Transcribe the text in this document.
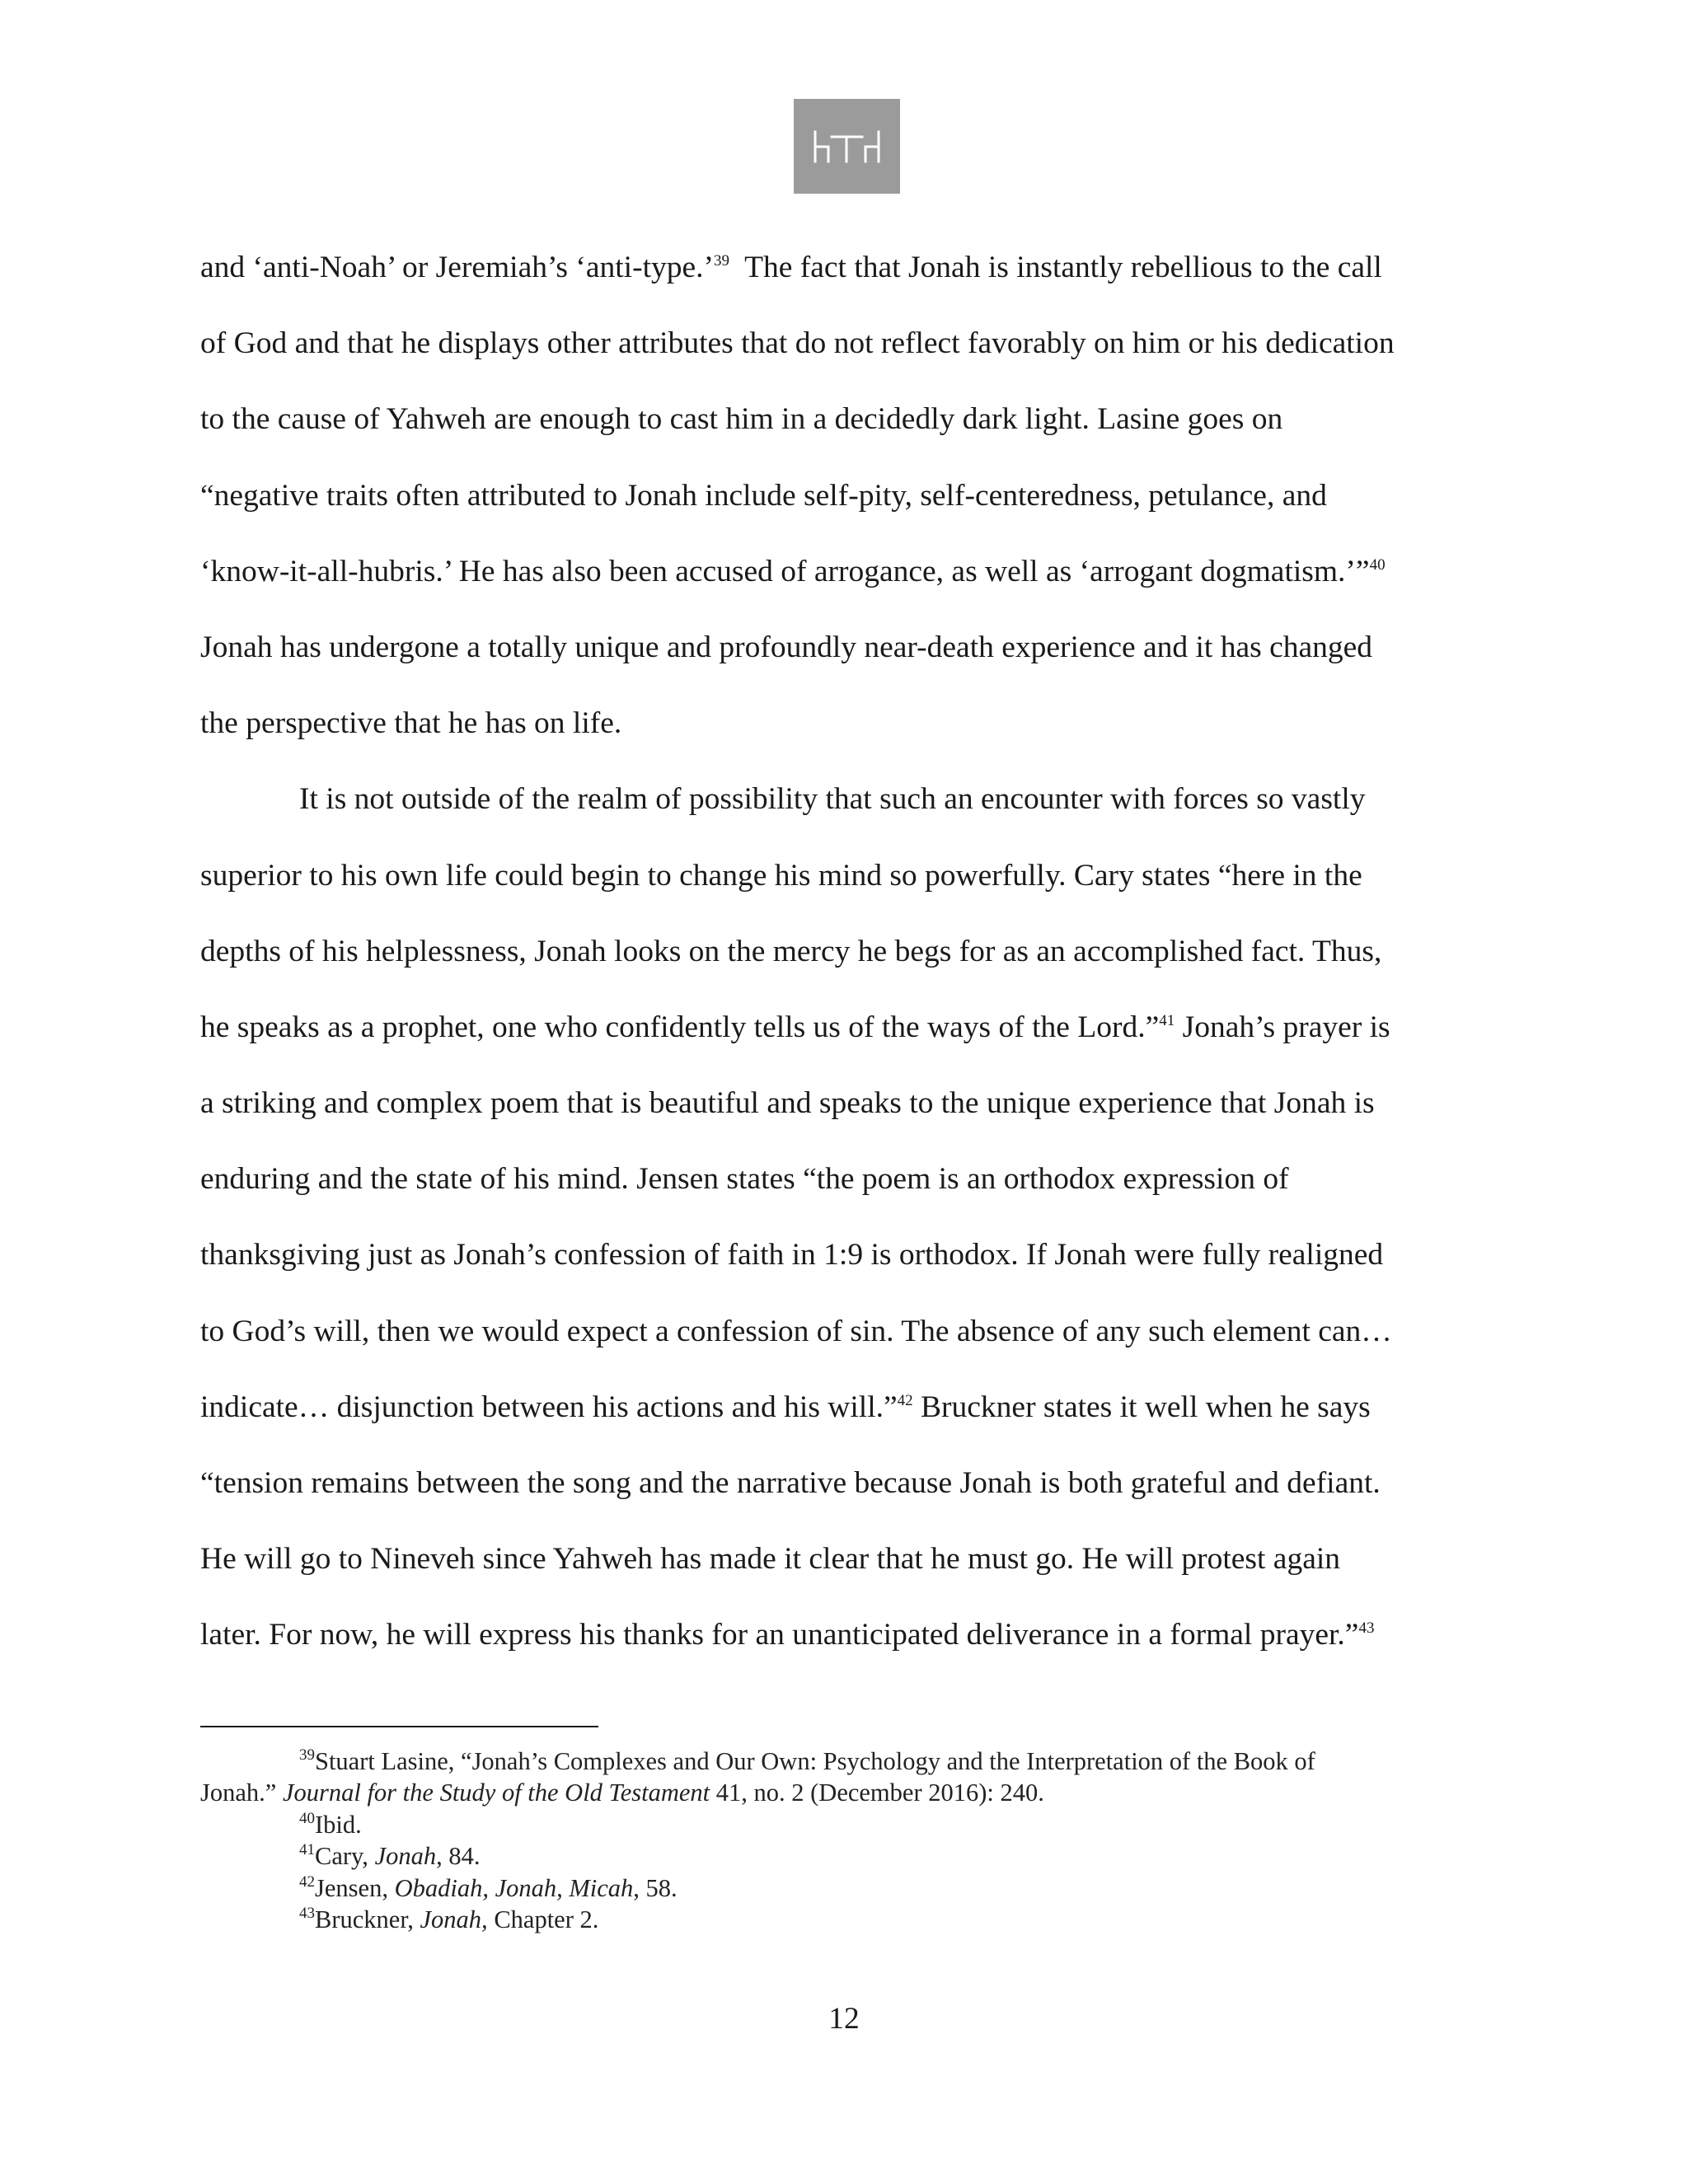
and ‘anti-Noah’ or Jeremiah’s ‘anti-type.’$^{39}$  The fact that Jonah is instantly rebellious to the call
of God and that he displays other attributes that do not reflect favorably on him or his dedication
to the cause of Yahweh are enough to cast him in a decidedly dark light. Lasine goes on
“negative traits often attributed to Jonah include self-pity, self-centeredness, petulance, and
‘know-it-all-hubris.’ He has also been accused of arrogance, as well as ‘arrogant dogmatism.’”$^{40}$
Jonah has undergone a totally unique and profoundly near-death experience and it has changed
the perspective that he has on life.
It is not outside of the realm of possibility that such an encounter with forces so vastly
superior to his own life could begin to change his mind so powerfully. Cary states “here in the
depths of his helplessness, Jonah looks on the mercy he begs for as an accomplished fact. Thus,
he speaks as a prophet, one who confidently tells us of the ways of the Lord.”$^{41}$ Jonah’s prayer is
a striking and complex poem that is beautiful and speaks to the unique experience that Jonah is
enduring and the state of his mind. Jensen states “the poem is an orthodox expression of
thanksgiving just as Jonah’s confession of faith in 1:9 is orthodox. If Jonah were fully realigned
to God’s will, then we would expect a confession of sin. The absence of any such element can…
indicate… disjunction between his actions and his will.”$^{42}$ Bruckner states it well when he says
“tension remains between the song and the narrative because Jonah is both grateful and defiant.
He will go to Nineveh since Yahweh has made it clear that he must go. He will protest again
later. For now, he will express his thanks for an unanticipated deliverance in a formal prayer.”$^{43}$
$^{39}$Stuart Lasine, “Jonah’s Complexes and Our Own: Psychology and the Interpretation of the Book of
Jonah.” Journal for the Study of the Old Testament 41, no. 2 (December 2016): 240.
$^{40}$Ibid.
$^{41}$Cary, Jonah, 84.
$^{42}$Jensen, Obadiah, Jonah, Micah, 58.
$^{43}$Bruckner, Jonah, Chapter 2.
12
